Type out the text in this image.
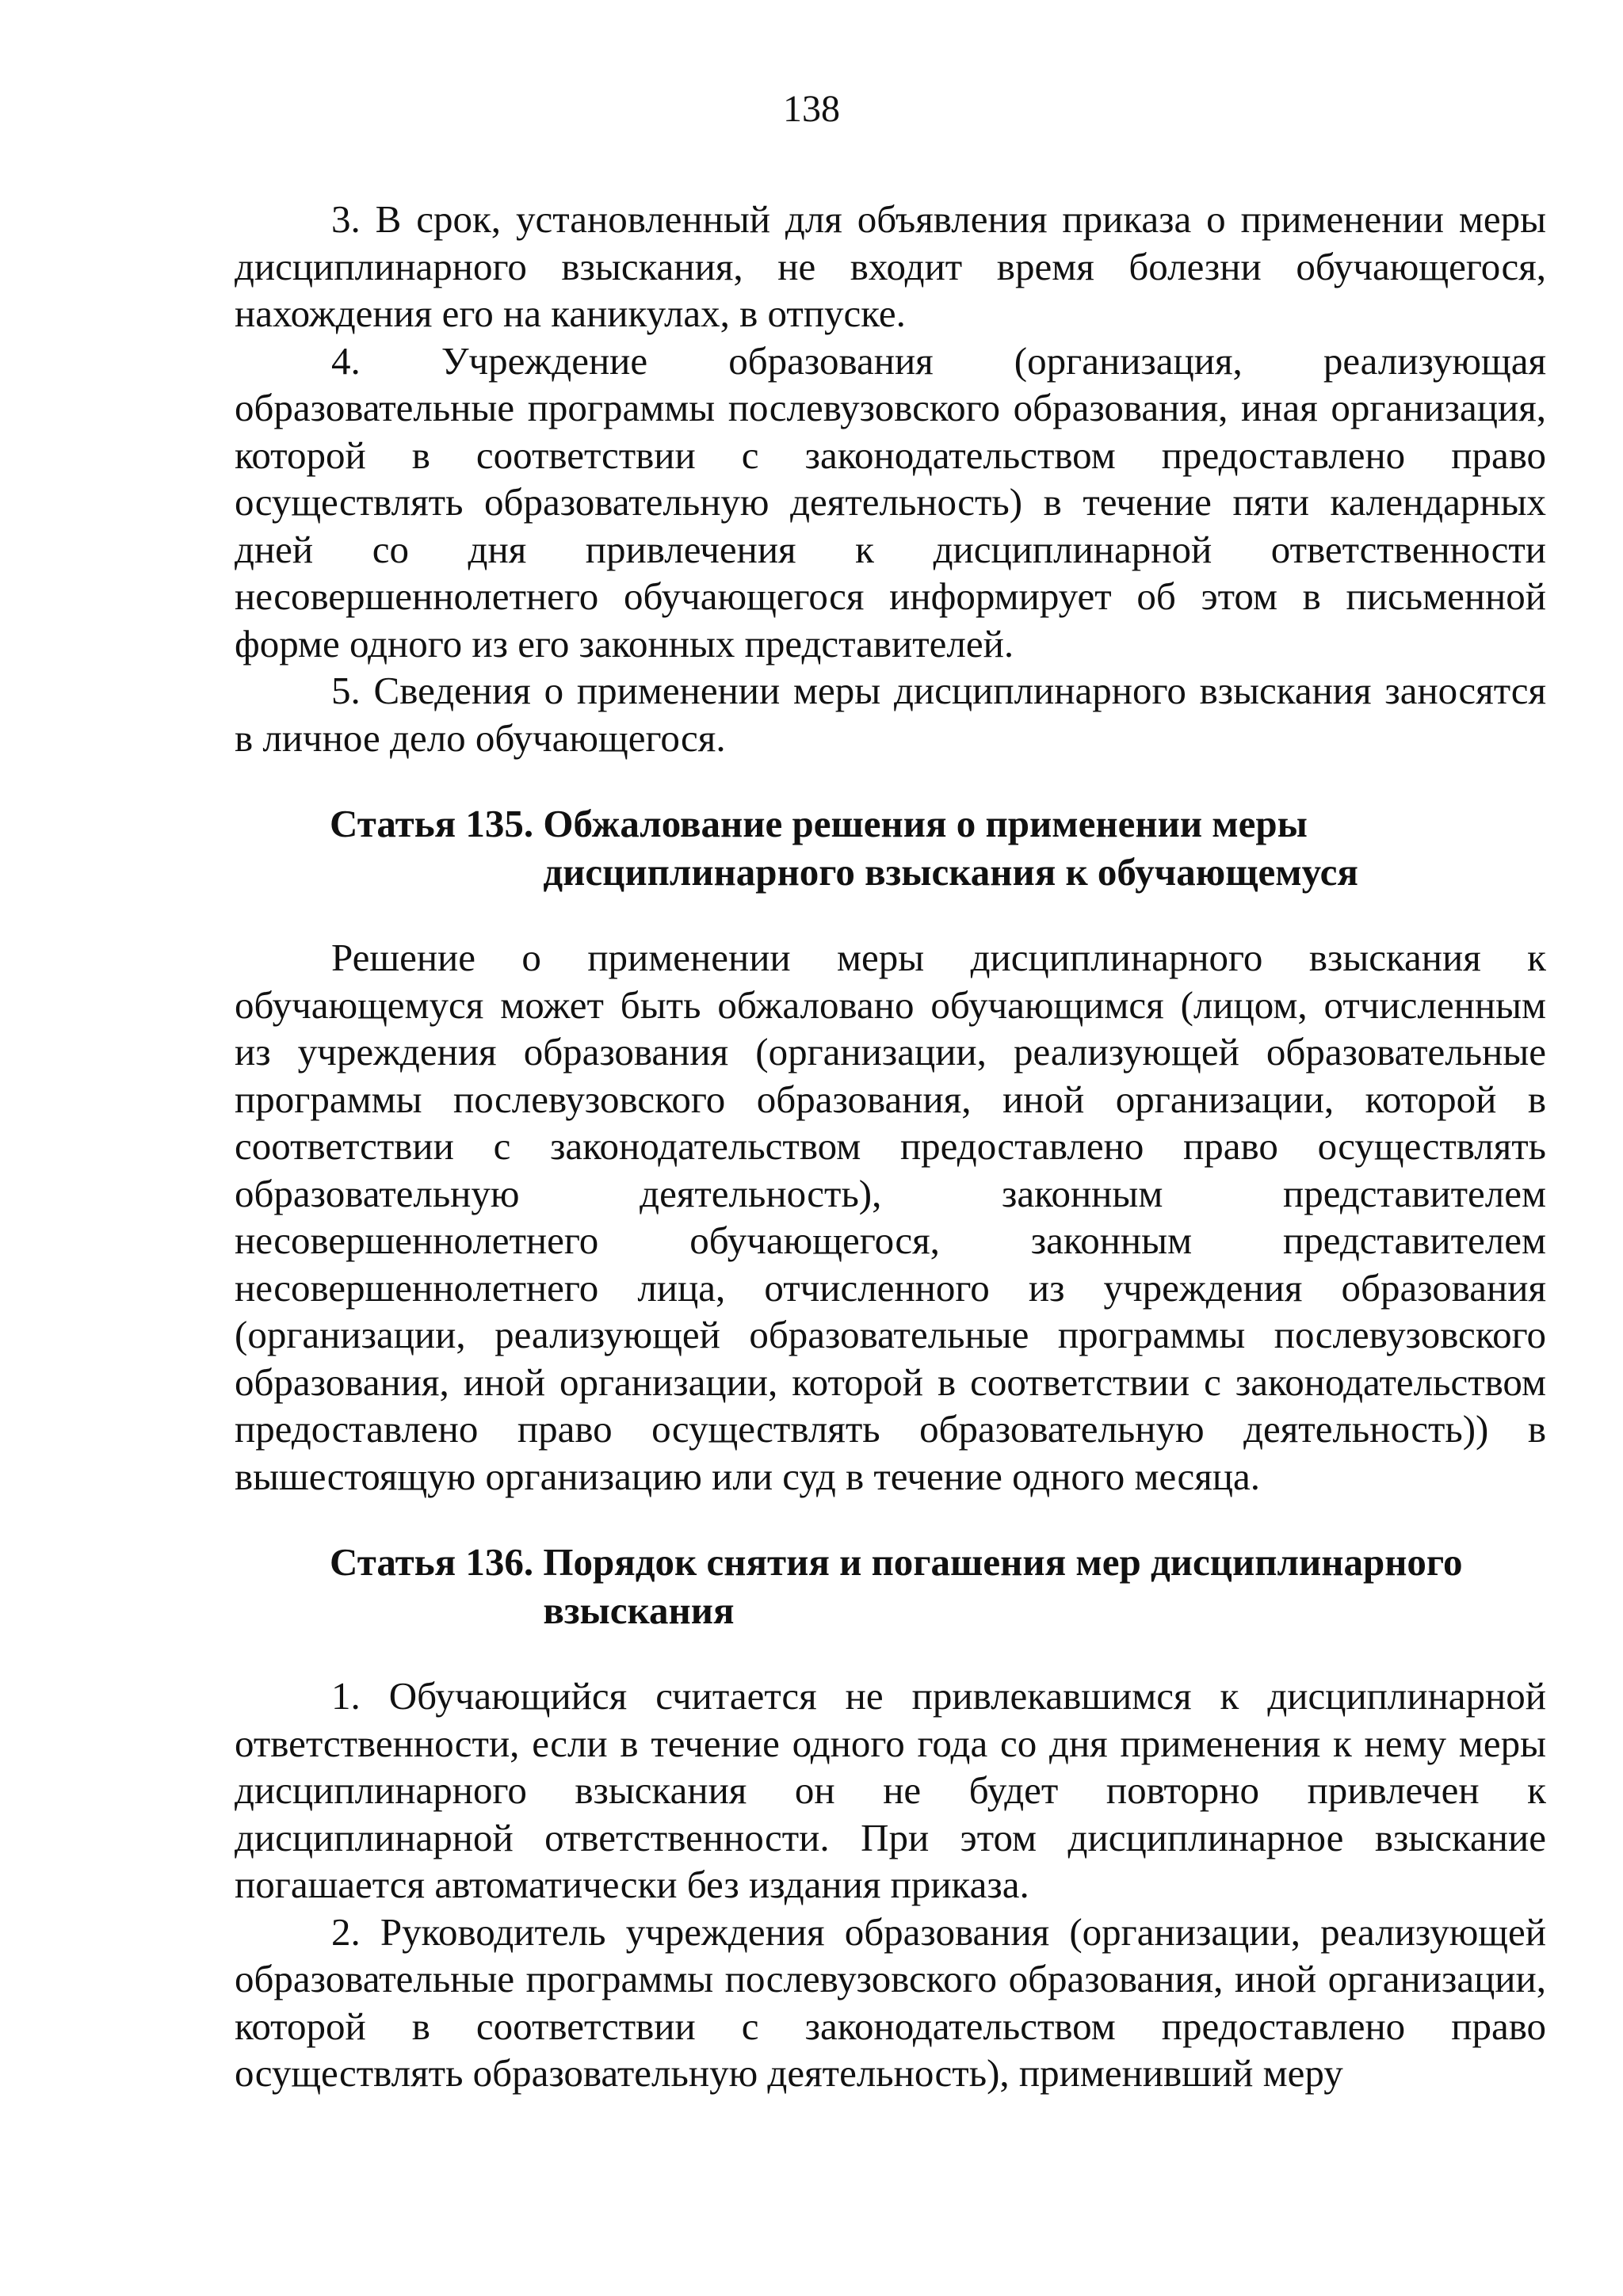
138

3. В срок, установленный для объявления приказа о применении меры дисциплинарного взыскания, не входит время болезни обучающегося, нахождения его на каникулах, в отпуске.

4. Учреждение образования (организация, реализующая образовательные программы послевузовского образования, иная организация, которой в соответствии с законодательством предоставлено право осуществлять образовательную деятельность) в течение пяти календарных дней со дня привлечения к дисциплинарной ответственности несовершеннолетнего обучающегося информирует об этом в письменной форме одного из его законных представителей.

5. Сведения о применении меры дисциплинарного взыскания заносятся в личное дело обучающегося.

Статья 135. Обжалование решения о применении меры дисциплинарного взыскания к обучающемуся

Решение о применении меры дисциплинарного взыскания к обучающемуся может быть обжаловано обучающимся (лицом, отчисленным из учреждения образования (организации, реализующей образовательные программы послевузовского образования, иной организации, которой в соответствии с законодательством предоставлено право осуществлять образовательную деятельность), законным представителем несовершеннолетнего обучающегося, законным представителем несовершеннолетнего лица, отчисленного из учреждения образования (организации, реализующей образовательные программы послевузовского образования, иной организации, которой в соответствии с законодательством предоставлено право осуществлять образовательную деятельность)) в вышестоящую организацию или суд в течение одного месяца.

Статья 136. Порядок снятия и погашения мер дисциплинарного взыскания

1. Обучающийся считается не привлекавшимся к дисциплинарной ответственности, если в течение одного года со дня применения к нему меры дисциплинарного взыскания он не будет повторно привлечен к дисциплинарной ответственности. При этом дисциплинарное взыскание погашается автоматически без издания приказа.

2. Руководитель учреждения образования (организации, реализующей образовательные программы послевузовского образования, иной организации, которой в соответствии с законодательством предоставлено право осуществлять образовательную деятельность), применивший меру
